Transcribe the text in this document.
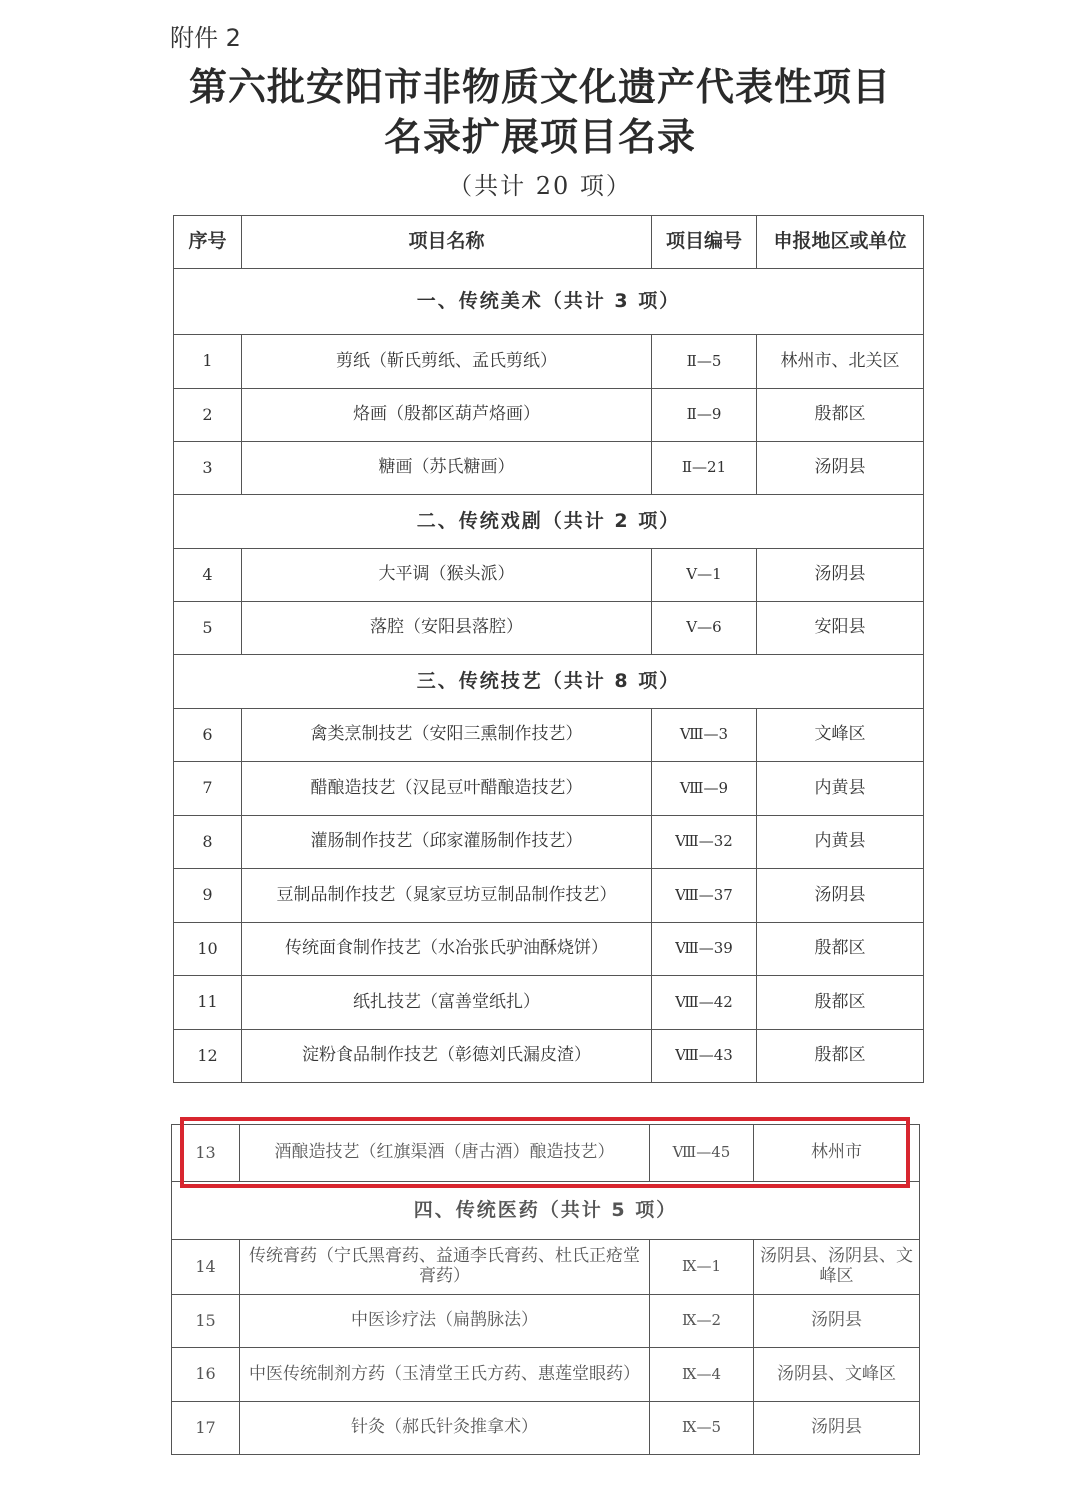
附件 2
第六批安阳市非物质文化遗产代表性项目
名录扩展项目名录
（共计 20 项）
序号	项目名称	项目编号	申报地区或单位
一、传统美术（共计 3 项）			
1	剪纸（靳氏剪纸、孟氏剪纸）	Ⅱ—5	林州市、北关区
2	烙画（殷都区葫芦烙画）	Ⅱ—9	殷都区
3	糖画（苏氏糖画）	Ⅱ—21	汤阴县
二、传统戏剧（共计 2 项）			
4	大平调（猴头派）	Ⅴ—1	汤阴县
5	落腔（安阳县落腔）	Ⅴ—6	安阳县
三、传统技艺（共计 8 项）			
6	禽类烹制技艺（安阳三熏制作技艺）	Ⅷ—3	文峰区
7	醋酿造技艺（汉昆豆叶醋酿造技艺）	Ⅷ—9	内黄县
8	灌肠制作技艺（邱家灌肠制作技艺）	Ⅷ—32	内黄县
9	豆制品制作技艺（晁家豆坊豆制品制作技艺）	Ⅷ—37	汤阴县
10	传统面食制作技艺（水冶张氏驴油酥烧饼）	Ⅷ—39	殷都区
11	纸扎技艺（富善堂纸扎）	Ⅷ—42	殷都区
12	淀粉食品制作技艺（彰德刘氏漏皮渣）	Ⅷ—43	殷都区
13	酒酿造技艺（红旗渠酒（唐古酒）酿造技艺）	Ⅷ—45	林州市
四、传统医药（共计 5 项）			
14	传统膏药（宁氏黑膏药、益通李氏膏药、杜氏正疮堂膏药）	Ⅸ—1	汤阴县、汤阴县、文峰区
15	中医诊疗法（扁鹊脉法）	Ⅸ—2	汤阴县
16	中医传统制剂方药（玉清堂王氏方药、惠莲堂眼药）	Ⅸ—4	汤阴县、文峰区
17	针灸（郝氏针灸推拿术）	Ⅸ—5	汤阴县
